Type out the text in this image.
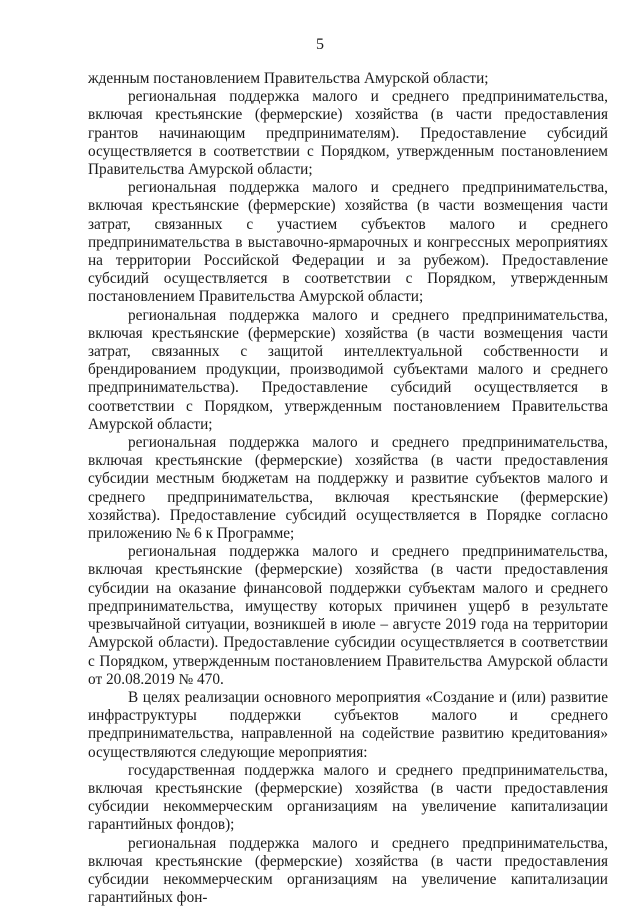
5

жденным постановлением Правительства Амурской области;

региональная поддержка малого и среднего предпринимательства, включая крестьянские (фермерские) хозяйства (в части предоставления грантов начинающим предпринимателям). Предоставление субсидий осуществляется в соответствии с Порядком, утвержденным постановлением Правительства Амурской области;

региональная поддержка малого и среднего предпринимательства, включая крестьянские (фермерские) хозяйства (в части возмещения части затрат, связанных с участием субъектов малого и среднего предпринимательства в выставочно-ярмарочных и конгрессных мероприятиях на территории Российской Федерации и за рубежом). Предоставление субсидий осуществляется в соответствии с Порядком, утвержденным постановлением Правительства Амурской области;

региональная поддержка малого и среднего предпринимательства, включая крестьянские (фермерские) хозяйства (в части возмещения части затрат, связанных с защитой интеллектуальной собственности и брендированием продукции, производимой субъектами малого и среднего предпринимательства). Предоставление субсидий осуществляется в соответствии с Порядком, утвержденным постановлением Правительства Амурской области;

региональная поддержка малого и среднего предпринимательства, включая крестьянские (фермерские) хозяйства (в части предоставления субсидии местным бюджетам на поддержку и развитие субъектов малого и среднего предпринимательства, включая крестьянские (фермерские) хозяйства). Предоставление субсидий осуществляется в Порядке согласно приложению № 6 к Программе;

региональная поддержка малого и среднего предпринимательства, включая крестьянские (фермерские) хозяйства (в части предоставления субсидии на оказание финансовой поддержки субъектам малого и среднего предпринимательства, имуществу которых причинен ущерб в результате чрезвычайной ситуации, возникшей в июле – августе 2019 года на территории Амурской области). Предоставление субсидии осуществляется в соответствии с Порядком, утвержденным постановлением Правительства Амурской области от 20.08.2019 № 470.

В целях реализации основного мероприятия «Создание и (или) развитие инфраструктуры поддержки субъектов малого и среднего предпринимательства, направленной на содействие развитию кредитования» осуществляются следующие мероприятия:

государственная поддержка малого и среднего предпринимательства, включая крестьянские (фермерские) хозяйства (в части предоставления субсидии некоммерческим организациям на увеличение капитализации гарантийных фондов);

региональная поддержка малого и среднего предпринимательства, включая крестьянские (фермерские) хозяйства (в части предоставления субсидии некоммерческим организациям на увеличение капитализации гарантийных фон-
